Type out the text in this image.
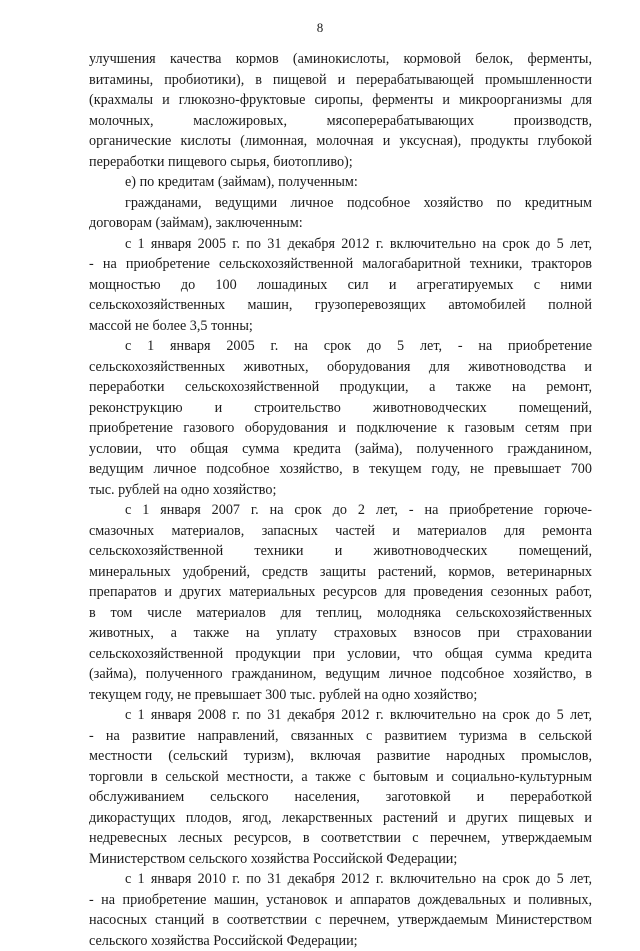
8
улучшения качества кормов (аминокислоты, кормовой белок, ферменты,
витамины, пробиотики), в пищевой и перерабатывающей промышленности
(крахмалы и глюкозно-фруктовые сиропы, ферменты и микроорганизмы для
молочных, масложировых, мясоперерабатывающих производств,
органические кислоты (лимонная, молочная и уксусная), продукты глубокой
переработки пищевого сырья, биотопливо);
е) по кредитам (займам), полученным:
гражданами, ведущими личное подсобное хозяйство по кредитным
договорам (займам), заключенным:
с 1 января 2005 г. по 31 декабря 2012 г. включительно на срок до 5 лет,
- на приобретение сельскохозяйственной малогабаритной техники, тракторов
мощностью до 100 лошадиных сил и агрегатируемых с ними
сельскохозяйственных машин, грузоперевозящих автомобилей полной
массой не более 3,5 тонны;
с 1 января 2005 г. на срок до 5 лет, - на приобретение
сельскохозяйственных животных, оборудования для животноводства и
переработки сельскохозяйственной продукции, а также на ремонт,
реконструкцию и строительство животноводческих помещений,
приобретение газового оборудования и подключение к газовым сетям при
условии, что общая сумма кредита (займа), полученного гражданином,
ведущим личное подсобное хозяйство, в текущем году, не превышает 700
тыс. рублей на одно хозяйство;
с 1 января 2007 г. на срок до 2 лет, - на приобретение горюче-
смазочных материалов, запасных частей и материалов для ремонта
сельскохозяйственной техники и животноводческих помещений,
минеральных удобрений, средств защиты растений, кормов, ветеринарных
препаратов и других материальных ресурсов для проведения сезонных работ,
в том числе материалов для теплиц, молодняка сельскохозяйственных
животных, а также на уплату страховых взносов при страховании
сельскохозяйственной продукции при условии, что общая сумма кредита
(займа), полученного гражданином, ведущим личное подсобное хозяйство, в
текущем году, не превышает 300 тыс. рублей на одно хозяйство;
с 1 января 2008 г. по 31 декабря 2012 г. включительно на срок до 5 лет,
- на развитие направлений, связанных с развитием туризма в сельской
местности (сельский туризм), включая развитие народных промыслов,
торговли в сельской местности, а также с бытовым и социально-культурным
обслуживанием сельского населения, заготовкой и переработкой
дикорастущих плодов, ягод, лекарственных растений и других пищевых и
недревесных лесных ресурсов, в соответствии с перечнем, утверждаемым
Министерством сельского хозяйства Российской Федерации;
с 1 января 2010 г. по 31 декабря 2012 г. включительно на срок до 5 лет,
- на приобретение машин, установок и аппаратов дождевальных и поливных,
насосных станций в соответствии с перечнем, утверждаемым Министерством
сельского хозяйства Российской Федерации;
